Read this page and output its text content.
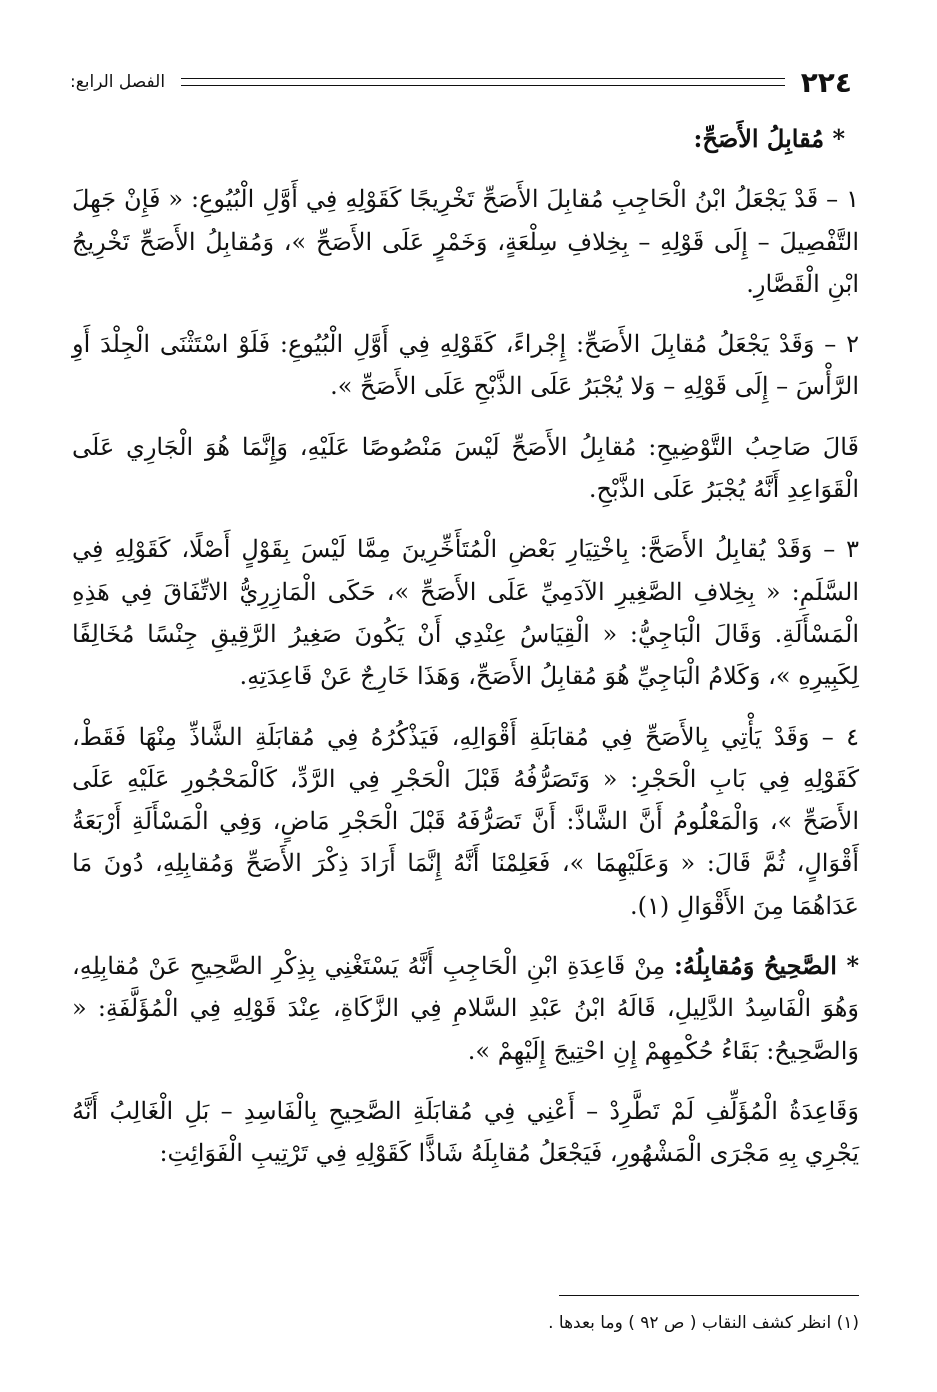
٢٢٤
الفصل الرابع:

* مُقابِلُ الأَصَحِّ:

١ – قَدْ يَجْعَلُ ابْنُ الْحَاجِبِ مُقابِلَ الأَصَحِّ تَخْرِيجًا كَقَوْلِهِ فِي أَوَّلِ الْبُيُوعِ: « فَإِنْ جَهِلَ التَّفْصِيلَ – إِلَى قَوْلِهِ – بِخِلافِ سِلْعَةٍ، وَخَمْرٍ عَلَى الأَصَحِّ »، وَمُقابِلُ الأَصَحِّ تَخْرِيجُ ابْنِ الْقَصَّارِ.

٢ – وَقَدْ يَجْعَلُ مُقابِلَ الأَصَحِّ: إِجْراءً، كَقَوْلِهِ فِي أَوَّلِ الْبُيُوعِ: فَلَوْ اسْتَثْنَى الْجِلْدَ أَوِ الرَّأْسَ – إِلَى قَوْلِهِ – وَلا يُجْبَرُ عَلَى الذَّبْحِ عَلَى الأَصَحِّ ».

قَالَ صَاحِبُ التَّوْضِيحِ: مُقابِلُ الأَصَحِّ لَيْسَ مَنْصُوصًا عَلَيْهِ، وَإِنَّمَا هُوَ الْجَارِي عَلَى الْقَوَاعِدِ أَنَّهُ يُجْبَرُ عَلَى الذَّبْحِ.

٣ – وَقَدْ يُقابِلُ الأَصَحَّ: بِاخْتِيَارِ بَعْضِ الْمُتَأَخِّرِينَ مِمَّا لَيْسَ بِقَوْلٍ أَصْلًا، كَقَوْلِهِ فِي السَّلَمِ: « بِخِلافِ الصَّغِيرِ الآدَمِيِّ عَلَى الأَصَحِّ »، حَكَى الْمَازِرِيُّ الاتِّفَاقَ فِي هَذِهِ الْمَسْأَلَةِ. وَقَالَ الْبَاجِيُّ: « الْقِيَاسُ عِنْدِي أَنْ يَكُونَ صَغِيرُ الرَّقِيقِ جِنْسًا مُخَالِفًا لِكَبِيرِهِ »، وَكَلامُ الْبَاجِيِّ هُوَ مُقابِلُ الأَصَحِّ، وَهَذَا خَارِجٌ عَنْ قَاعِدَتِهِ.

٤ – وَقَدْ يَأْتِي بِالأَصَحِّ فِي مُقابَلَةِ أَقْوَالِهِ، فَيَذْكُرُهُ فِي مُقابَلَةِ الشَّاذِّ مِنْهَا فَقَطْ، كَقَوْلِهِ فِي بَابِ الْحَجْرِ: « وَتَصَرُّفُهُ قَبْلَ الْحَجْرِ فِي الرَّدِّ، كَالْمَحْجُورِ عَلَيْهِ عَلَى الأَصَحِّ »، وَالْمَعْلُومُ أَنَّ الشَّاذَّ: أَنَّ تَصَرُّفَهُ قَبْلَ الْحَجْرِ مَاضٍ، وَفِي الْمَسْأَلَةِ أَرْبَعَةُ أَقْوَالٍ، ثُمَّ قَالَ: « وَعَلَيْهِمَا »، فَعَلِمْنَا أَنَّهُ إِنَّمَا أَرَادَ ذِكْرَ الأَصَحِّ وَمُقابِلِهِ، دُونَ مَا عَدَاهُمَا مِنَ الأَقْوَالِ (١).

* الصَّحِيحُ وَمُقابِلُهُ: مِنْ قَاعِدَةِ ابْنِ الْحَاجِبِ أَنَّهُ يَسْتَغْنِي بِذِكْرِ الصَّحِيحِ عَنْ مُقابِلِهِ، وَهُوَ الْفَاسِدُ الدَّلِيلِ، قَالَهُ ابْنُ عَبْدِ السَّلامِ فِي الزَّكَاةِ، عِنْدَ قَوْلِهِ فِي الْمُؤَلَّفَةِ: « وَالصَّحِيحُ: بَقَاءُ حُكْمِهِمْ إِنِ احْتِيجَ إِلَيْهِمْ ».

وَقَاعِدَةُ الْمُؤَلِّفِ لَمْ تَطَّرِدْ – أَعْنِي فِي مُقابَلَةِ الصَّحِيحِ بِالْفَاسِدِ – بَلِ الْغَالِبُ أَنَّهُ يَجْرِي بِهِ مَجْرَى الْمَشْهُورِ، فَيَجْعَلُ مُقابِلَهُ شَاذًّا كَقَوْلِهِ فِي تَرْتِيبِ الْفَوَائِتِ:

(١) انظر كشف النقاب ( ص ٩٢ ) وما بعدها .
